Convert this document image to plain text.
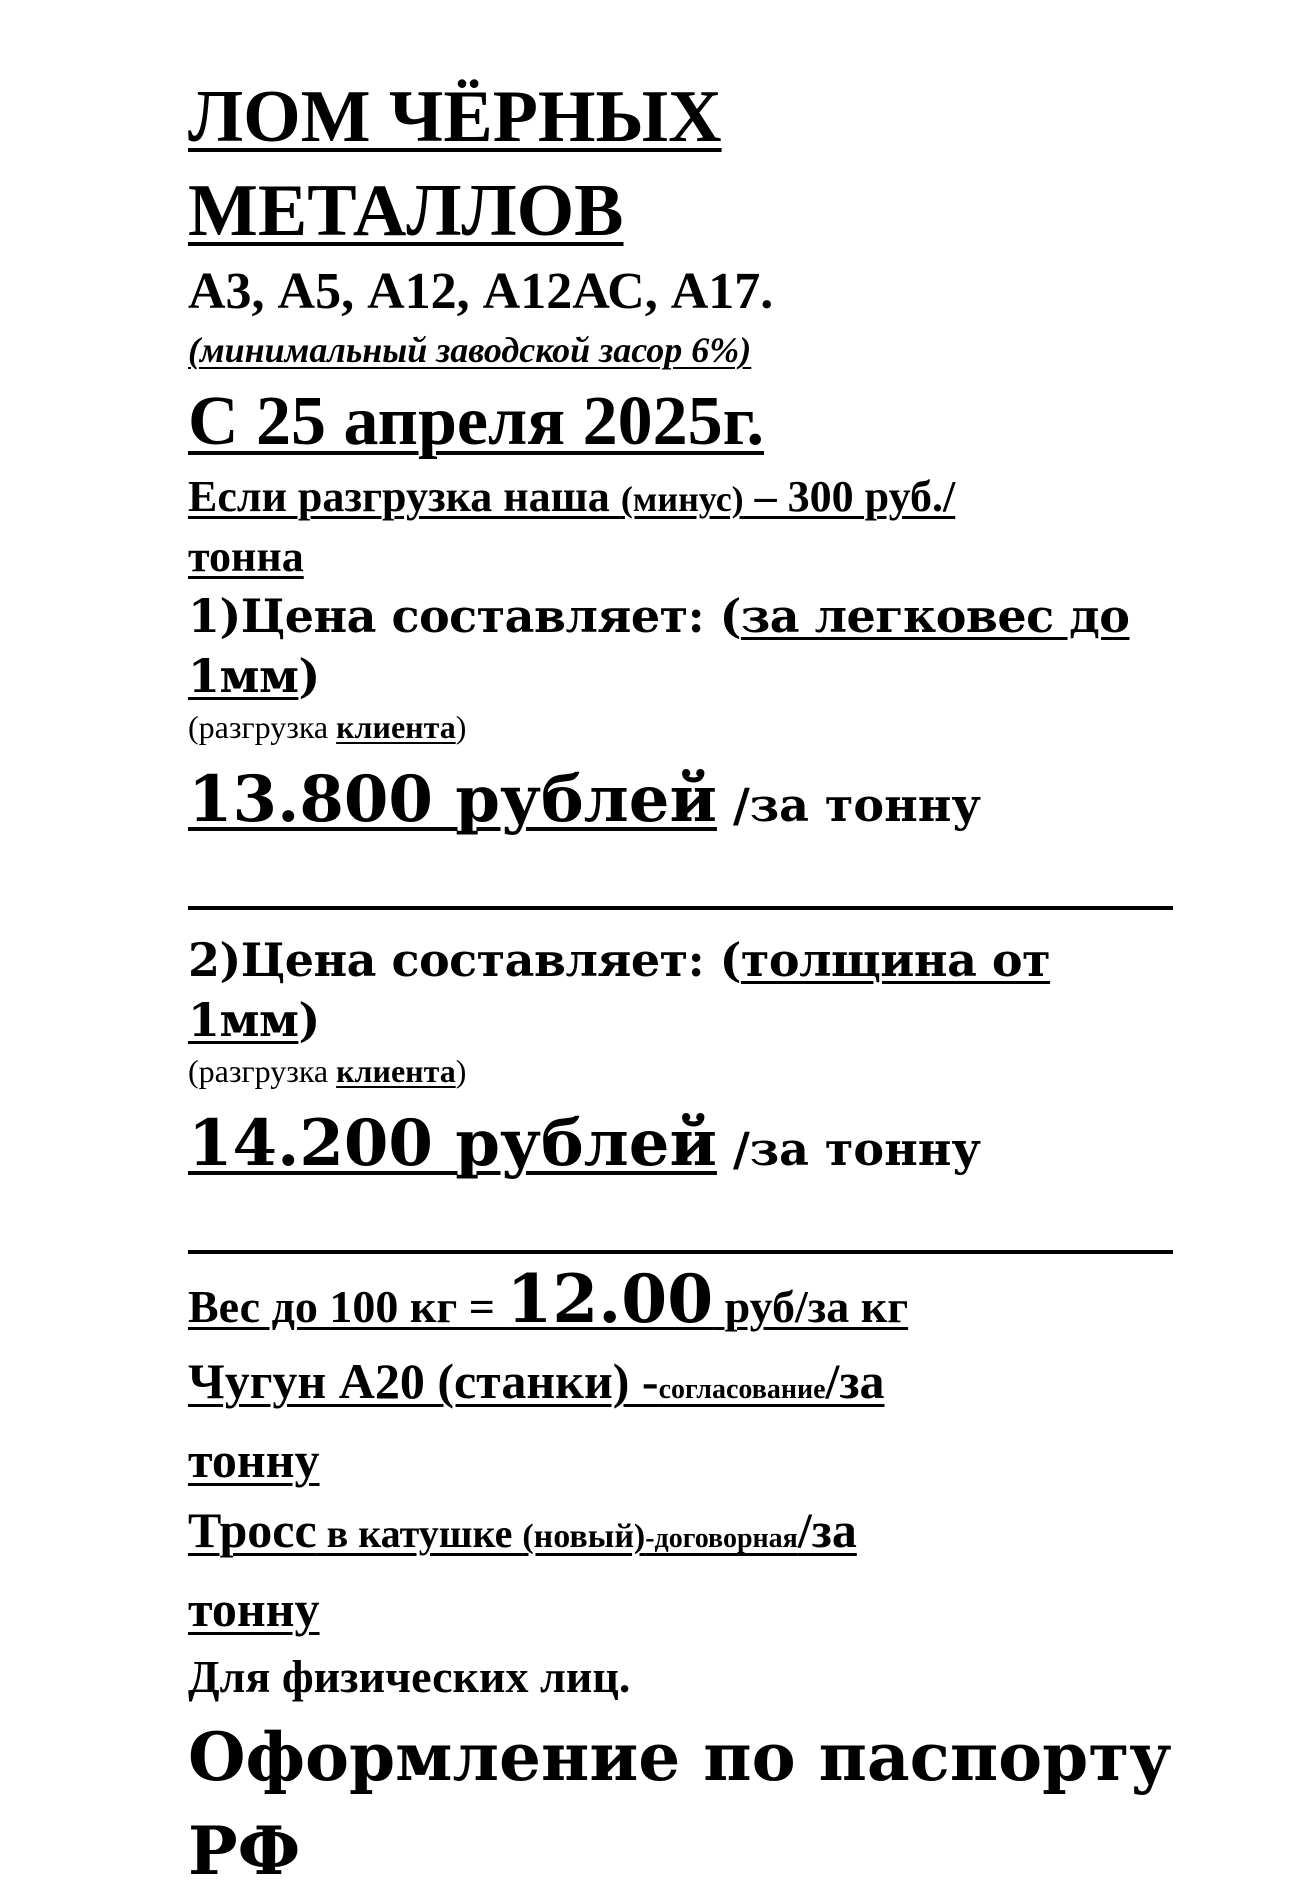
ЛОМ ЧЁРНЫХ

МЕТАЛЛОВ

А3, А5, А12, А12АС, А17.

(минимальный заводской засор 6%)

С 25 апреля 2025г.

Если разгрузка наша (минус) – 300 руб./

тонна

1)Цена составляет: (за легковес до 1мм)

(разгрузка клиента)

13.800 рублей /за тонну

2)Цена составляет: (толщина от 1мм)

(разгрузка клиента)

14.200 рублей /за тонну

Вес до 100 кг = 12.00 руб/за кг

Чугун А20 (станки) -согласование/за

тонну

Тросс в катушке (новый)-договорная/за

тонну

Для физических лиц.

Оформление по паспорту

РФ
